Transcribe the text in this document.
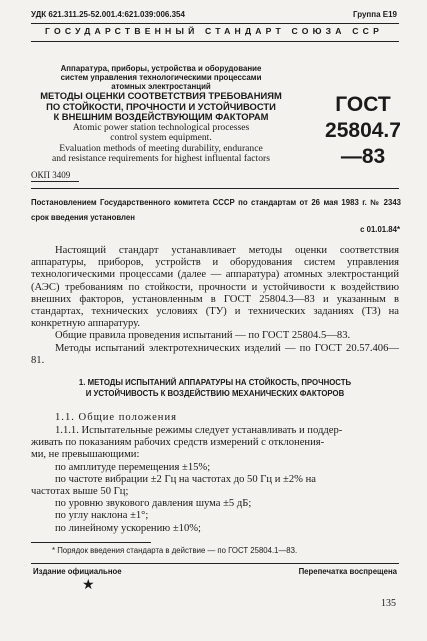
УДК 621.311.25-52.001.4:621.039:006.354	Группа Е19
ГОСУДАРСТВЕННЫЙ СТАНДАРТ СОЮЗА ССР
Аппаратура, приборы, устройства и оборудование
систем управления технологическими процессами
атомных электростанций
МЕТОДЫ ОЦЕНКИ СООТВЕТСТВИЯ ТРЕБОВАНИЯМ
ПО СТОЙКОСТИ, ПРОЧНОСТИ И УСТОЙЧИВОСТИ
К ВНЕШНИМ ВОЗДЕЙСТВУЮЩИМ ФАКТОРАМ
Atomic power station technological processes
control system equipment.
Evaluation methods of meeting durability, endurance
and resistance requirements for highest influental factors
ГОСТ
25804.7—83
ОКП 3409
Постановлением Государственного комитета СССР по стандартам от 26 мая 1983 г. № 2343 срок введения установлен
с 01.01.84*

Настоящий стандарт устанавливает методы оценки соответствия аппаратуры, приборов, устройств и оборудования систем управления технологическими процессами (далее — аппаратура) атомных электростанций (АЭС) требованиям по стойкости, прочности и устойчивости к воздействию внешних факторов, установленным в ГОСТ 25804.3—83 и указанным в стандартах, технических условиях (ТУ) и технических заданиях (ТЗ) на конкретную аппаратуру.

Общие правила проведения испытаний — по ГОСТ 25804.5—83.

Методы испытаний электротехнических изделий — по ГОСТ 20.57.406—81.

1. МЕТОДЫ ИСПЫТАНИЙ АППАРАТУРЫ НА СТОЙКОСТЬ, ПРОЧНОСТЬ
И УСТОЙЧИВОСТЬ К ВОЗДЕЙСТВИЮ МЕХАНИЧЕСКИХ ФАКТОРОВ
1.1. Общие положения
1.1.1. Испытательные режимы следует устанавливать и поддер-
живать по показаниям рабочих средств измерений с отклонения-
ми, не превышающими:
по амплитуде перемещения ±15%;
по частоте вибрации ±2 Гц на частотах до 50 Гц и ±2% на
частотах выше 50 Гц;
по уровню звукового давления шума ±5 дБ;
по углу наклона ±1°;
по линейному ускорению ±10%;
* Порядок введения стандарта в действие — по ГОСТ 25804.1—83.
Издание официальное	Перепечатка воспрещена
★
135
